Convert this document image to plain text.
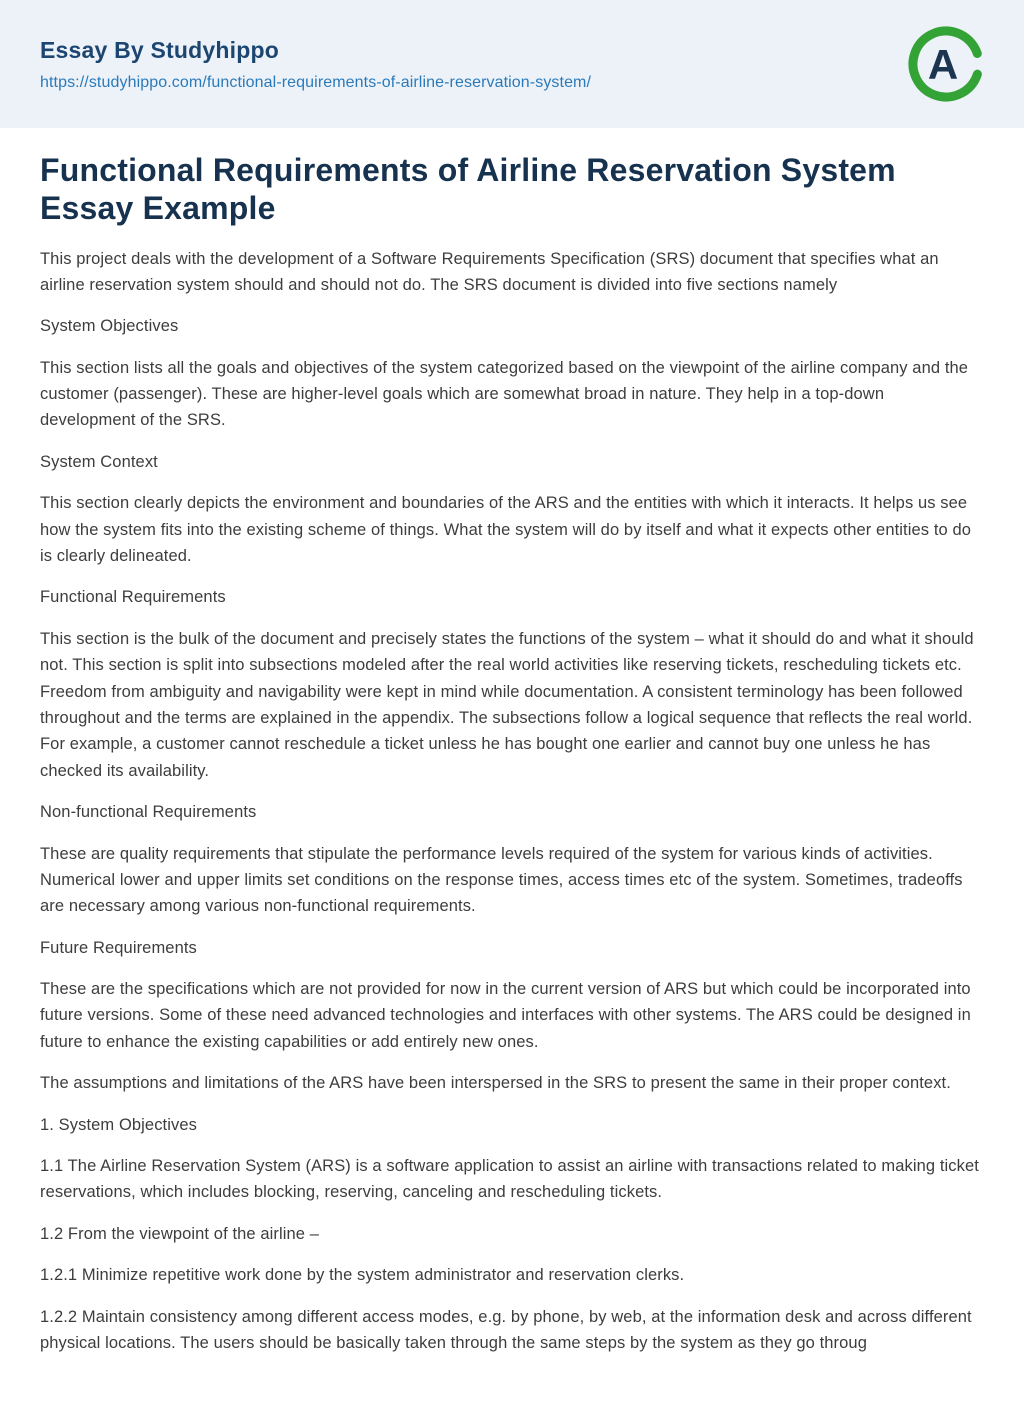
Essay By Studyhippo
https://studyhippo.com/functional-requirements-of-airline-reservation-system/	A
Functional Requirements of Airline Reservation System Essay Example

This project deals with the development of a Software Requirements Specification (SRS) document that specifies what an airline reservation system should and should not do. The SRS document is divided into five sections namely

System Objectives

This section lists all the goals and objectives of the system categorized based on the viewpoint of the airline company and the customer (passenger). These are higher-level goals which are somewhat broad in nature. They help in a top-down development of the SRS.

System Context

This section clearly depicts the environment and boundaries of the ARS and the entities with which it interacts. It helps us see how the system fits into the existing scheme of things. What the system will do by itself and what it expects other entities to do is clearly delineated.

Functional Requirements

This section is the bulk of the document and precisely states the functions of the system – what it should do and what it should not. This section is split into subsections modeled after the real world activities like reserving tickets, rescheduling tickets etc. Freedom from ambiguity and navigability were kept in mind while documentation. A consistent terminology has been followed throughout and the terms are explained in the appendix. The subsections follow a logical sequence that reflects the real world. For example, a customer cannot reschedule a ticket unless he has bought one earlier and cannot buy one unless he has checked its availability.

Non-functional Requirements

These are quality requirements that stipulate the performance levels required of the system for various kinds of activities. Numerical lower and upper limits set conditions on the response times, access times etc of the system. Sometimes, tradeoffs are necessary among various non-functional requirements.

Future Requirements

These are the specifications which are not provided for now in the current version of ARS but which could be incorporated into future versions. Some of these need advanced technologies and interfaces with other systems. The ARS could be designed in future to enhance the existing capabilities or add entirely new ones.

The assumptions and limitations of the ARS have been interspersed in the SRS to present the same in their proper context.

1. System Objectives

1.1 The Airline Reservation System (ARS) is a software application to assist an airline with transactions related to making ticket reservations, which includes blocking, reserving, canceling and rescheduling tickets.

1.2 From the viewpoint of the airline –

1.2.1 Minimize repetitive work done by the system administrator and reservation clerks.

1.2.2 Maintain consistency among different access modes, e.g. by phone, by web, at the information desk and across different physical locations. The users should be basically taken through the same steps by the system as they go throug
